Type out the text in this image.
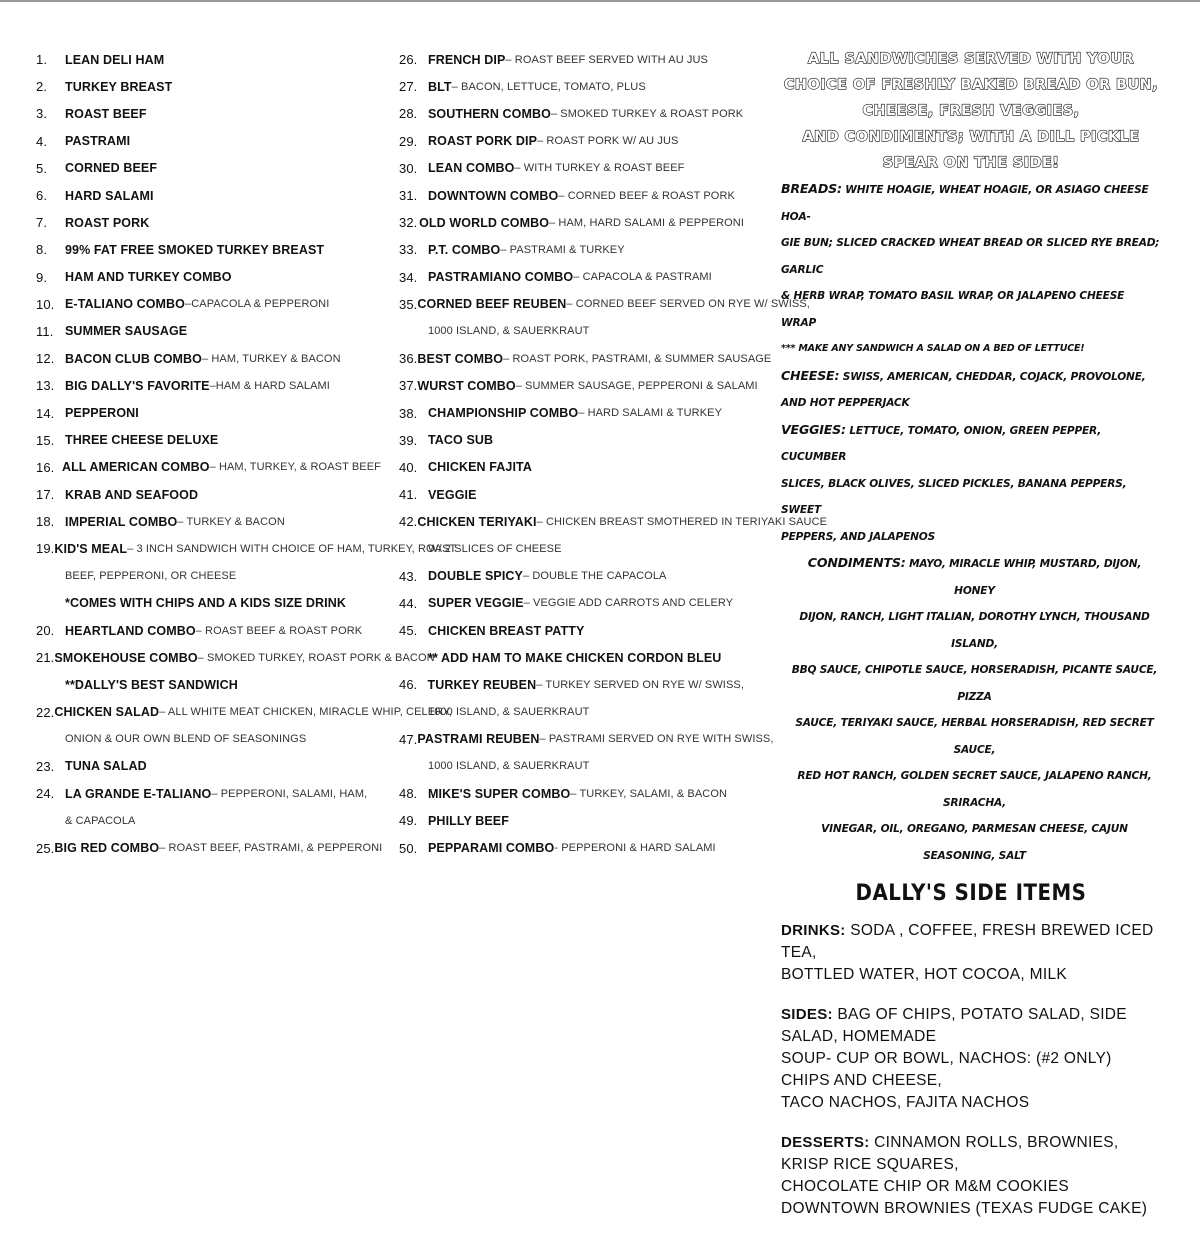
1.	LEAN DELI HAM
2.	TURKEY BREAST
3.	ROAST BEEF
4.	PASTRAMI
5.	CORNED BEEF
6.	HARD SALAMI
7.	ROAST PORK
8.	99% FAT FREE SMOKED TURKEY BREAST
9.	HAM AND TURKEY COMBO
10. E-TALIANO COMBO –CAPACOLA & PEPPERONI
11. SUMMER SAUSAGE
12. BACON CLUB COMBO – HAM, TURKEY & BACON
13. BIG DALLY'S FAVORITE –HAM & HARD SALAMI
14. PEPPERONI
15. THREE CHEESE DELUXE
16. ALL AMERICAN COMBO – HAM, TURKEY, & ROAST BEEF
17. KRAB AND SEAFOOD
18. IMPERIAL COMBO – TURKEY & BACON
19. KID'S MEAL – 3 INCH SANDWICH WITH CHOICE OF HAM, TURKEY, ROAST
BEEF, PEPPERONI, OR CHEESE
*COMES WITH CHIPS AND A KIDS SIZE DRINK
20. HEARTLAND COMBO – ROAST BEEF & ROAST PORK
21. SMOKEHOUSE COMBO – SMOKED TURKEY, ROAST PORK & BACON
**DALLY'S BEST SANDWICH
22. CHICKEN SALAD – ALL WHITE MEAT CHICKEN, MIRACLE WHIP, CELERY,
ONION & OUR OWN BLEND OF SEASONINGS
23. TUNA SALAD
24. LA GRANDE E-TALIANO – PEPPERONI, SALAMI, HAM,
& CAPACOLA
25. BIG RED COMBO – ROAST BEEF, PASTRAMI, & PEPPERONI
26. FRENCH DIP – ROAST BEEF SERVED WITH AU JUS
27. BLT – BACON, LETTUCE, TOMATO, PLUS
28. SOUTHERN COMBO – SMOKED TURKEY & ROAST PORK
29. ROAST PORK DIP – ROAST PORK W/ AU JUS
30. LEAN COMBO – WITH TURKEY & ROAST BEEF
31. DOWNTOWN COMBO – CORNED BEEF & ROAST PORK
32. OLD WORLD COMBO – HAM, HARD SALAMI & PEPPERONI
33. P.T. COMBO – PASTRAMI & TURKEY
34. PASTRAMIANO COMBO – CAPACOLA & PASTRAMI
35. CORNED BEEF REUBEN – CORNED BEEF SERVED ON RYE W/ SWISS,
1000 ISLAND, & SAUERKRAUT
36. BEST COMBO – ROAST PORK, PASTRAMI, & SUMMER SAUSAGE
37. WURST COMBO – SUMMER SAUSAGE, PEPPERONI & SALAMI
38. CHAMPIONSHIP COMBO – HARD SALAMI & TURKEY
39. TACO SUB
40. CHICKEN FAJITA
41. VEGGIE
42. CHICKEN TERIYAKI – CHICKEN BREAST SMOTHERED IN TERIYAKI SAUCE
W/ 2 SLICES OF CHEESE
43. DOUBLE SPICY – DOUBLE THE CAPACOLA
44. SUPER VEGGIE – VEGGIE ADD CARROTS AND CELERY
45. CHICKEN BREAST PATTY
** ADD HAM TO MAKE CHICKEN CORDON BLEU
46. TURKEY REUBEN – TURKEY SERVED ON RYE W/ SWISS,
1000 ISLAND, & SAUERKRAUT
47. PASTRAMI REUBEN – PASTRAMI SERVED ON RYE WITH SWISS,
1000 ISLAND, & SAUERKRAUT
48. MIKE'S SUPER COMBO – TURKEY, SALAMI, & BACON
49. PHILLY BEEF
50. PEPPARAMI COMBO - PEPPERONI & HARD SALAMI
ALL SANDWICHES SERVED WITH YOUR
CHOICE OF FRESHLY BAKED BREAD OR BUN,
CHEESE, FRESH VEGGIES,
AND CONDIMENTS; WITH A DILL PICKLE
SPEAR ON THE SIDE!
BREADS: WHITE HOAGIE, WHEAT HOAGIE, OR ASIAGO CHEESE HOA-
GIE BUN; SLICED CRACKED WHEAT BREAD OR SLICED RYE BREAD; GARLIC
& HERB WRAP, TOMATO BASIL WRAP, OR JALAPENO CHEESE WRAP
*** MAKE ANY SANDWICH A SALAD ON A BED OF LETTUCE!
CHEESE: SWISS, AMERICAN, CHEDDAR, COJACK, PROVOLONE,
AND HOT PEPPERJACK
VEGGIES: LETTUCE, TOMATO, ONION, GREEN PEPPER, CUCUMBER
SLICES, BLACK OLIVES, SLICED PICKLES, BANANA PEPPERS, SWEET
PEPPERS, AND JALAPENOS
CONDIMENTS: MAYO, MIRACLE WHIP, MUSTARD, DIJON, HONEY
DIJON, RANCH, LIGHT ITALIAN, DOROTHY LYNCH, THOUSAND ISLAND,
BBQ SAUCE, CHIPOTLE SAUCE, HORSERADISH, PICANTE SAUCE, PIZZA
SAUCE, TERIYAKI SAUCE, HERBAL HORSERADISH, RED SECRET SAUCE,
RED HOT RANCH, GOLDEN SECRET SAUCE, JALAPENO RANCH, SRIRACHA,
VINEGAR, OIL, OREGANO, PARMESAN CHEESE, CAJUN SEASONING, SALT
DALLY'S SIDE ITEMS
DRINKS: SODA , COFFEE, FRESH BREWED ICED TEA,
BOTTLED WATER, HOT COCOA, MILK
SIDES: BAG OF CHIPS, POTATO SALAD, SIDE SALAD, HOMEMADE
SOUP- CUP OR BOWL, NACHOS: (#2 ONLY) CHIPS AND CHEESE,
TACO NACHOS, FAJITA NACHOS
DESSERTS: CINNAMON ROLLS, BROWNIES, KRISP RICE SQUARES,
CHOCOLATE CHIP OR M&M COOKIES
DOWNTOWN BROWNIES (TEXAS FUDGE CAKE)
